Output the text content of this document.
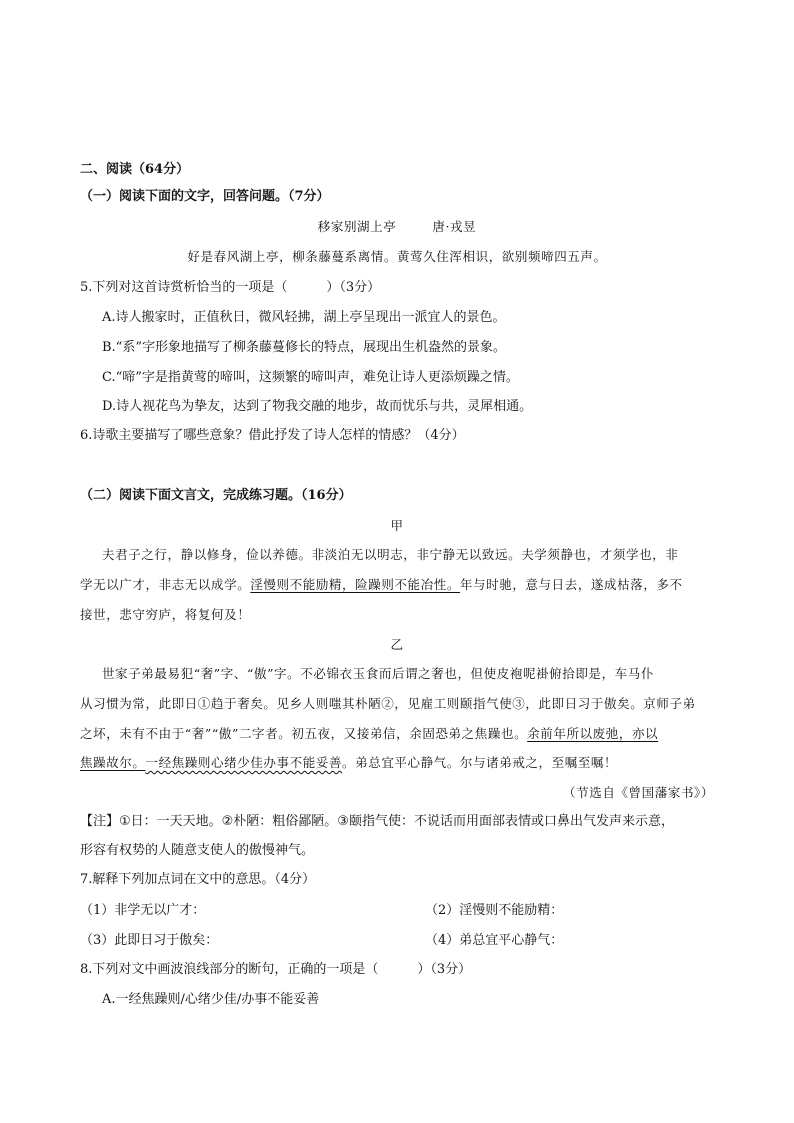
二、阅读（64分）
（一）阅读下面的文字，回答问题。（7分）
移家别湖上亭	唐·戎昱
好是春风湖上亭，柳条藤蔓系离情。黄莺久住浑相识，欲别频啼四五声。
5.下列对这首诗赏析恰当的一项是（　　　）（3分）
A.诗人搬家时，正值秋日，微风轻拂，湖上亭呈现出一派宜人的景色。
B.“系”字形象地描写了柳条藤蔓修长的特点，展现出生机盎然的景象。
C.“啼”字是指黄莺的啼叫，这频繁的啼叫声，难免让诗人更添烦躁之情。
D.诗人视花鸟为挚友，达到了物我交融的地步，故而忧乐与共，灵犀相通。
6.诗歌主要描写了哪些意象？借此抒发了诗人怎样的情感？（4分）
（二）阅读下面文言文，完成练习题。（16分）
甲
夫君子之行，静以修身，俭以养德。非淡泊无以明志，非宁静无以致远。夫学须静也，才须学也，非
学无以广才，非志无以成学。淫慢则不能励精，险躁则不能冶性。年与时驰，意与日去，遂成枯落，多不
接世，悲守穷庐，将复何及！
乙
世家子弟最易犯“奢”字、“傲”字。不必锦衣玉食而后谓之奢也，但使皮袍呢褂俯拾即是，车马仆
从习惯为常，此即日①趋于奢矣。见乡人则嗤其朴陋②，见雇工则颐指气使③，此即日习于傲矣。京师子弟
之坏，未有不由于“奢”“傲”二字者。初五夜，又接弟信，余固恐弟之焦躁也。余前年所以废弛，亦以
焦躁故尔。一经焦躁则心绪少佳办事不能妥善。弟总宜平心静气。尔与诸弟戒之，至嘱至嘱！
（节选自《曾国藩家书》）
【注】①日：一天天地。②朴陋：粗俗鄙陋。③颐指气使：不说话而用面部表情或口鼻出气发声来示意，
形容有权势的人随意支使人的傲慢神气。
7.解释下列加点词在文中的意思。（4分）
（1）非学无以广才：	（2）淫慢则不能励精：
（3）此即日习于傲矣：	（4）弟总宜平心静气：
8.下列对文中画波浪线部分的断句，正确的一项是（　　　）（3分）
A.一经焦躁则/心绪少佳/办事不能妥善
